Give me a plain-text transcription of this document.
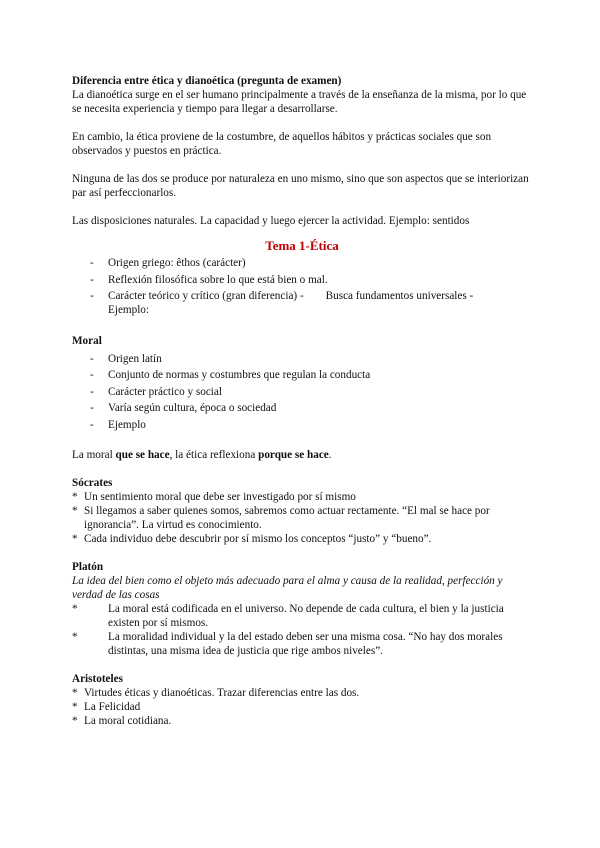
Diferencia entre ética y dianoética (pregunta de examen)

La dianoética surge en el ser humano principalmente a través de la enseñanza de la misma, por lo que se necesita experiencia y tiempo para llegar a desarrollarse.

En cambio, la ética proviene de la costumbre, de aquellos hábitos y prácticas sociales que son observados y puestos en práctica.

Ninguna de las dos se produce por naturaleza en uno mismo, sino que son aspectos que se interiorizan par así perfeccionarlos.

Las disposiciones naturales. La capacidad y luego ejercer la actividad. Ejemplo: sentidos

Tema 1-Ética

- Origen griego: êthos (carácter)
- Reflexión filosófica sobre lo que está bien o mal.
- Carácter teórico y crítico (gran diferencia) - Busca fundamentos universales -
Ejemplo:

Moral

- Origen latín
- Conjunto de normas y costumbres que regulan la conducta
- Carácter práctico y social
- Varía según cultura, época o sociedad
- Ejemplo

La moral que se hace, la ética reflexiona porque se hace.

Sócrates

* Un sentimiento moral que debe ser investigado por sí mismo

* Si llegamos a saber quienes somos, sabremos como actuar rectamente. “El mal se hace por ignorancia”. La virtud es conocimiento.

* Cada individuo debe descubrir por sí mismo los conceptos “justo” y “bueno”.

Platón

La idea del bien como el objeto más adecuado para el alma y causa de la realidad, perfección y verdad de las cosas

* La moral está codificada en el universo. No depende de cada cultura, el bien y la justicia existen por sí mismos.

* La moralidad individual y la del estado deben ser una misma cosa. “No hay dos morales distintas, una misma idea de justicia que rige ambos niveles”.

Aristoteles

* Virtudes éticas y dianoéticas. Trazar diferencias entre las dos.

* La Felicidad

* La moral cotidiana.
